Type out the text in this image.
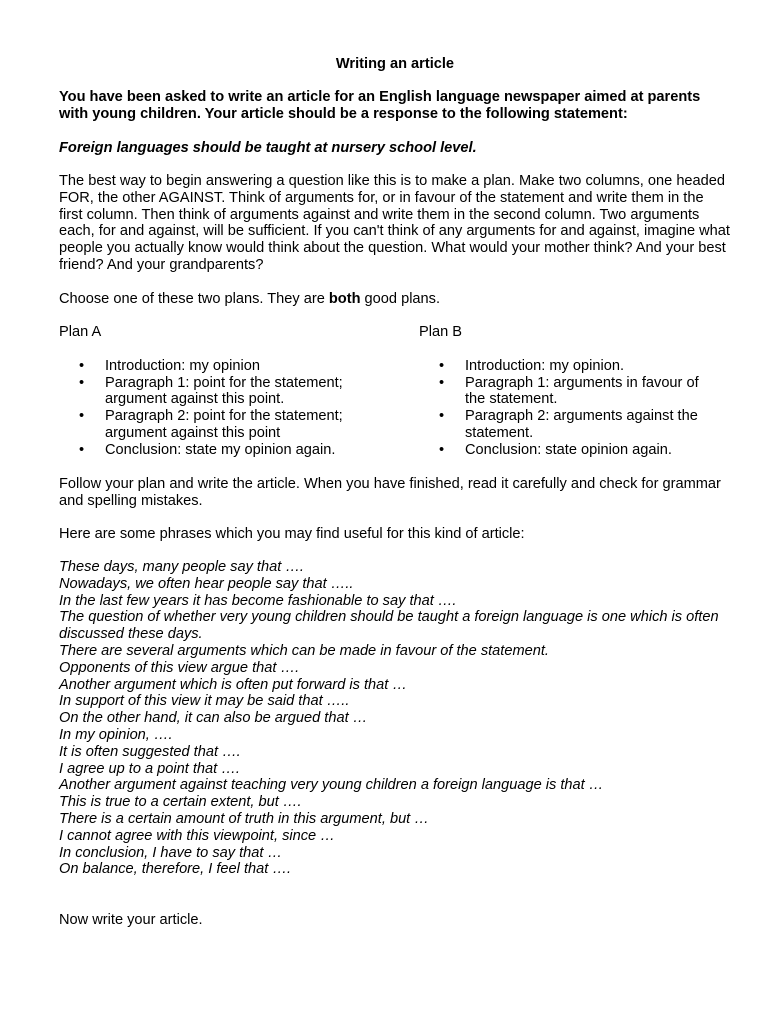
Writing an article

You have been asked to write an article for an English language newspaper aimed at parents with young children. Your article should be a response to the following statement:

Foreign languages should be taught at nursery school level.

The best way to begin answering a question like this is to make a plan. Make two columns, one headed FOR, the other AGAINST. Think of arguments for, or in favour of the statement and write them in the first column. Then think of arguments against and write them in the second column. Two arguments each, for and against, will be sufficient. If you can't think of any arguments for and against, imagine what people you actually know would think about the question. What would your mother think? And your best friend? And your grandparents?

Choose one of these two plans. They are both good plans.

Plan A

• Introduction: my opinion
• Paragraph 1: point for the statement; argument against this point.
• Paragraph 2: point for the statement; argument against this point
• Conclusion: state my opinion again.

Plan B

• Introduction: my opinion.
• Paragraph 1: arguments in favour of the statement.
• Paragraph 2: arguments against the statement.
• Conclusion: state opinion again.

Follow your plan and write the article. When you have finished, read it carefully and check for grammar and spelling mistakes.

Here are some phrases which you may find useful for this kind of article:

These days, many people say that ….
Nowadays, we often hear people say that …..
In the last few years it has become fashionable to say that ….
The question of whether very young children should be taught a foreign language is one which is often discussed these days.
There are several arguments which can be made in favour of the statement.
Opponents of this view argue that ….
Another argument which is often put forward is that …
In support of this view it may be said that …..
On the other hand, it can also be argued that …
In my opinion, ….
It is often suggested that ….
I agree up to a point that ….
Another argument against teaching very young children a foreign language is that …
This is true to a certain extent, but ….
There is a certain amount of truth in this argument, but …
I cannot agree with this viewpoint, since …
In conclusion, I have to say that …
On balance, therefore, I feel that ….

Now write your article.
